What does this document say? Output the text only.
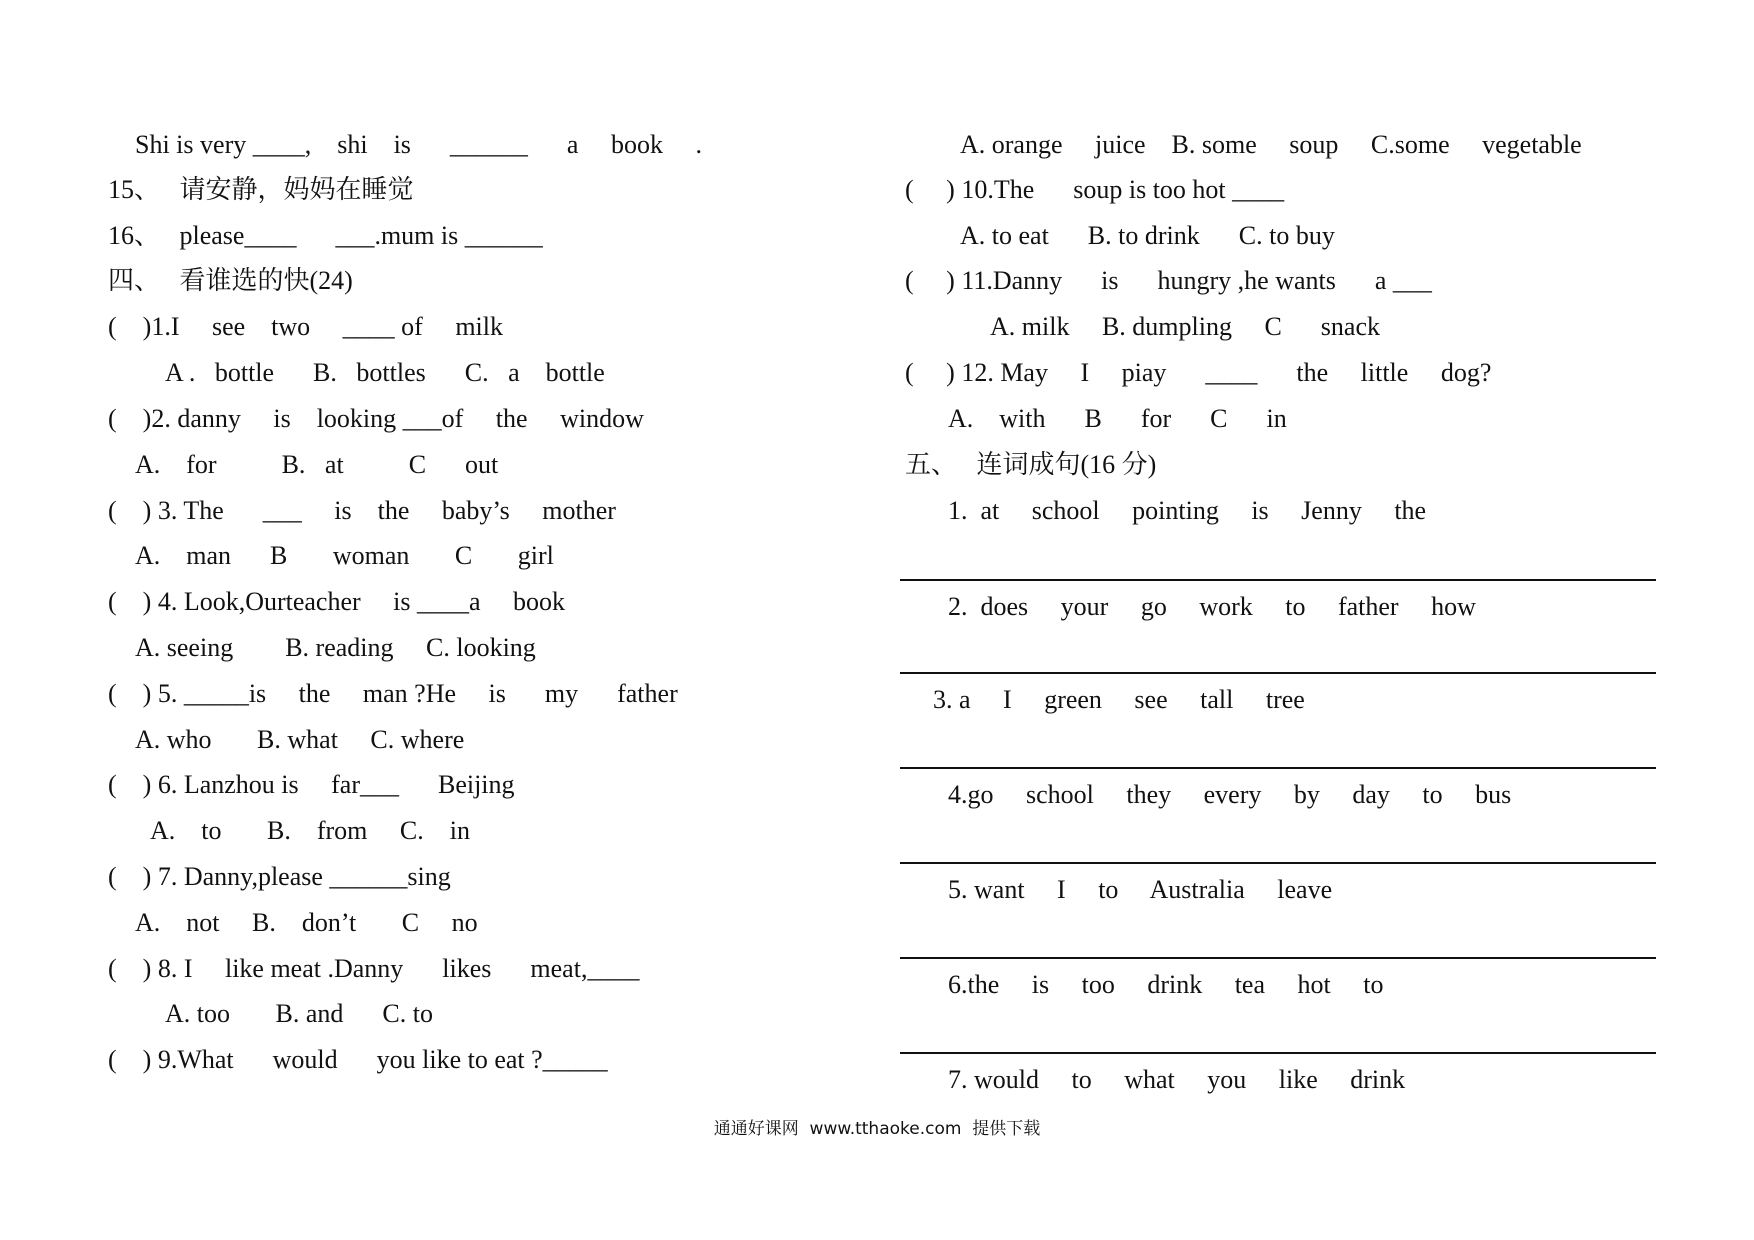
Shi is very ____,    shi    is      ______      a     book     .
15、   请安静，妈妈在睡觉
16、   please____      ___.mum is ______
四、   看谁选的快(24)
(    )1.I     see    two     ____ of     milk
A .   bottle      B.   bottles      C.   a    bottle
(    )2. danny     is    looking ___of     the     window
A.    for          B.   at          C      out
(    ) 3. The      ___     is    the     baby’s     mother
A.    man      B       woman       C       girl
(    ) 4. Look,Ourteacher     is ____a     book
A. seeing        B. reading     C. looking
(    ) 5. _____is     the     man ?He     is      my      father
A. who       B. what     C. where
(    ) 6. Lanzhou is     far___      Beijing
A.    to       B.    from     C.    in
(    ) 7. Danny,please ______sing
A.    not     B.    don’t       C     no
(    ) 8. I     like meat .Danny      likes      meat,____
A. too       B. and      C. to
(    ) 9.What      would      you like to eat ?_____
A. orange     juice    B. some     soup     C.some     vegetable
(     ) 10.The      soup is too hot ____
A. to eat      B. to drink      C. to buy
(     ) 11.Danny      is      hungry ,he wants      a ___
A. milk     B. dumpling     C      snack
(     ) 12. May     I     piay      ____      the     little     dog?
A.    with      B      for      C      in
五、   连词成句(16 分)
1.  at     school     pointing     is     Jenny     the
2.  does     your     go     work     to     father     how
3. a     I     green     see     tall     tree
4.go     school     they     every     by     day     to     bus
5. want     I     to     Australia     leave
6.the     is     too     drink     tea     hot     to
7. would     to     what     you     like     drink
通通好课网  www.tthaoke.com  提供下载
